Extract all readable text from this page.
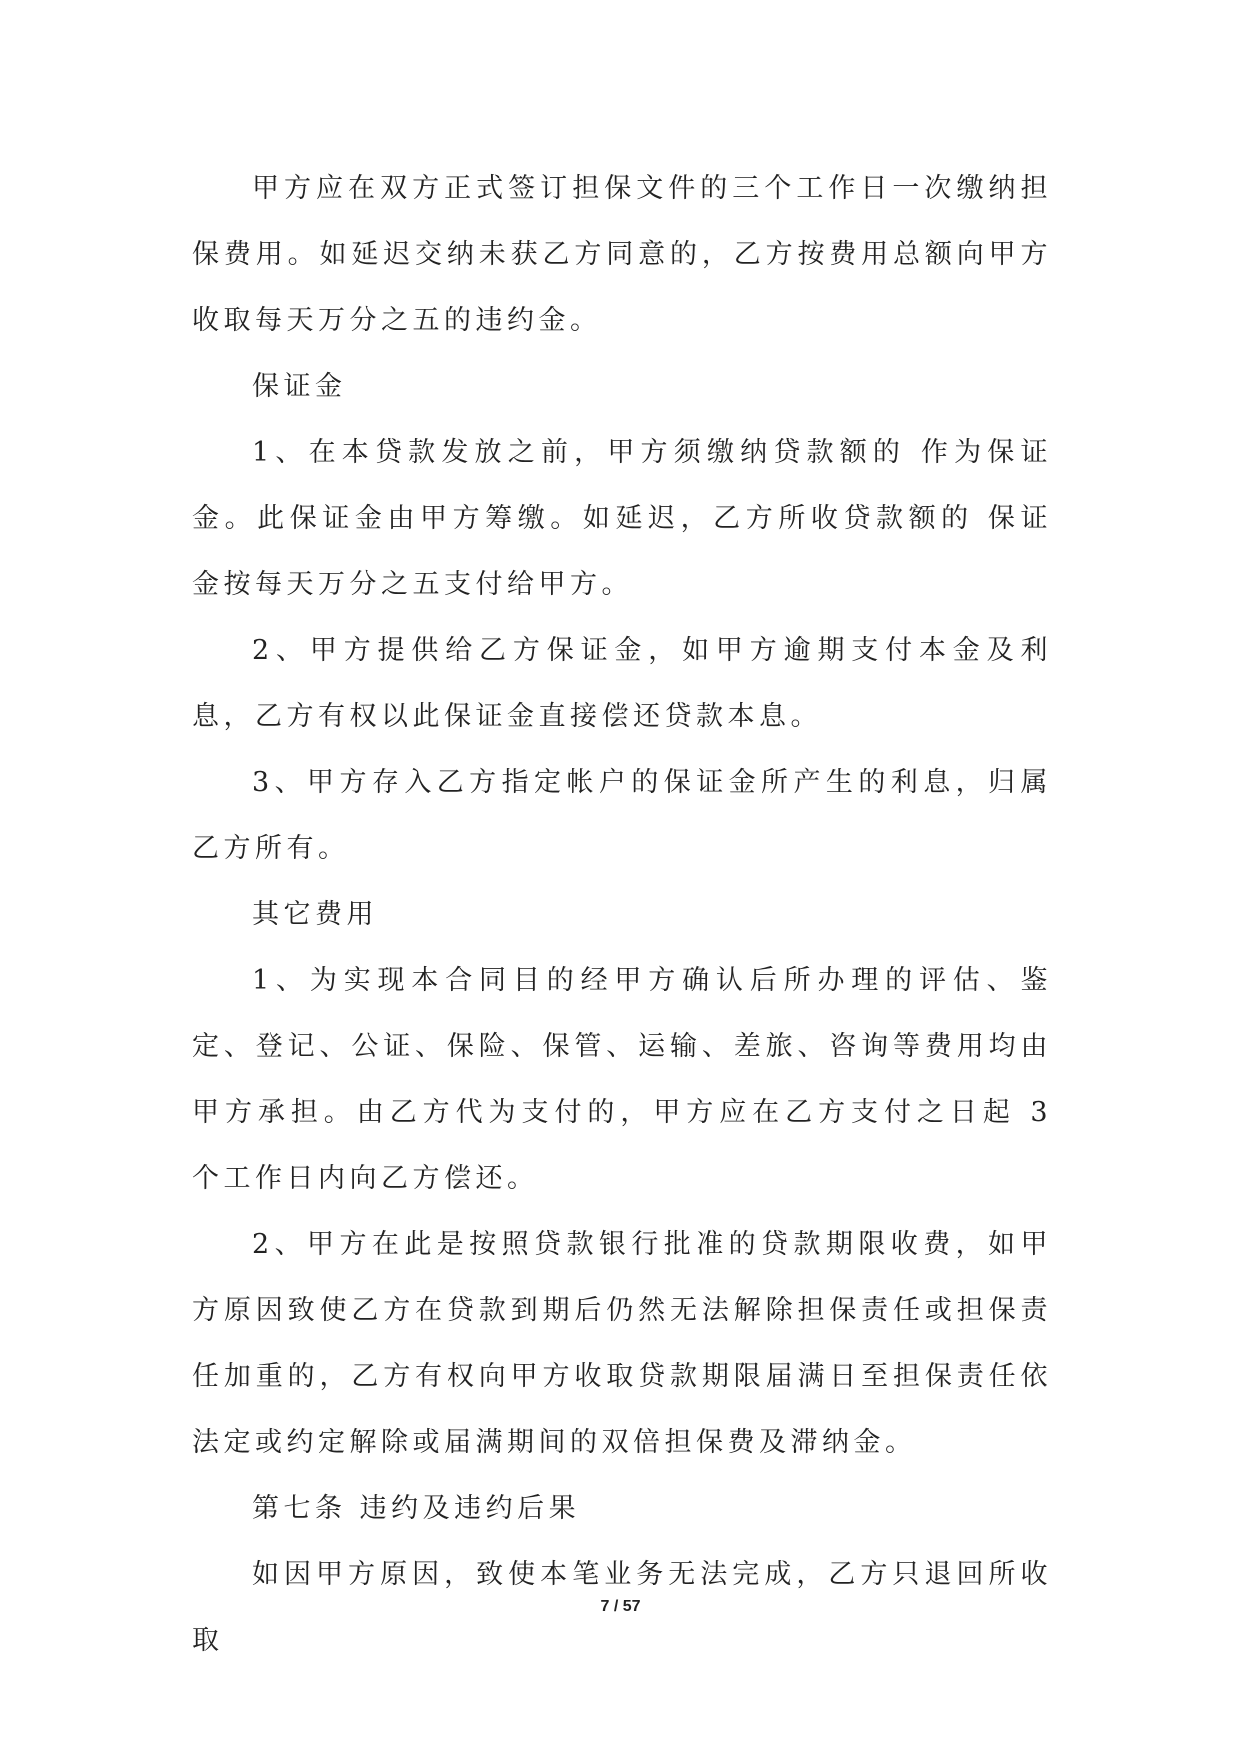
甲方应在双方正式签订担保文件的三个工作日一次缴纳担保费用。如延迟交纳未获乙方同意的，乙方按费用总额向甲方收取每天万分之五的违约金。

保证金

1、在本贷款发放之前，甲方须缴纳贷款额的 作为保证金。此保证金由甲方筹缴。如延迟，乙方所收贷款额的 保证金按每天万分之五支付给甲方。

2、甲方提供给乙方保证金，如甲方逾期支付本金及利息，乙方有权以此保证金直接偿还贷款本息。

3、甲方存入乙方指定帐户的保证金所产生的利息，归属乙方所有。

其它费用

1、为实现本合同目的经甲方确认后所办理的评估、鉴定、登记、公证、保险、保管、运输、差旅、咨询等费用均由甲方承担。由乙方代为支付的，甲方应在乙方支付之日起 3 个工作日内向乙方偿还。

2、甲方在此是按照贷款银行批准的贷款期限收费，如甲方原因致使乙方在贷款到期后仍然无法解除担保责任或担保责任加重的，乙方有权向甲方收取贷款期限届满日至担保责任依法定或约定解除或届满期间的双倍担保费及滞纳金。

第七条 违约及违约后果

如因甲方原因，致使本笔业务无法完成，乙方只退回所收取

7 / 57
